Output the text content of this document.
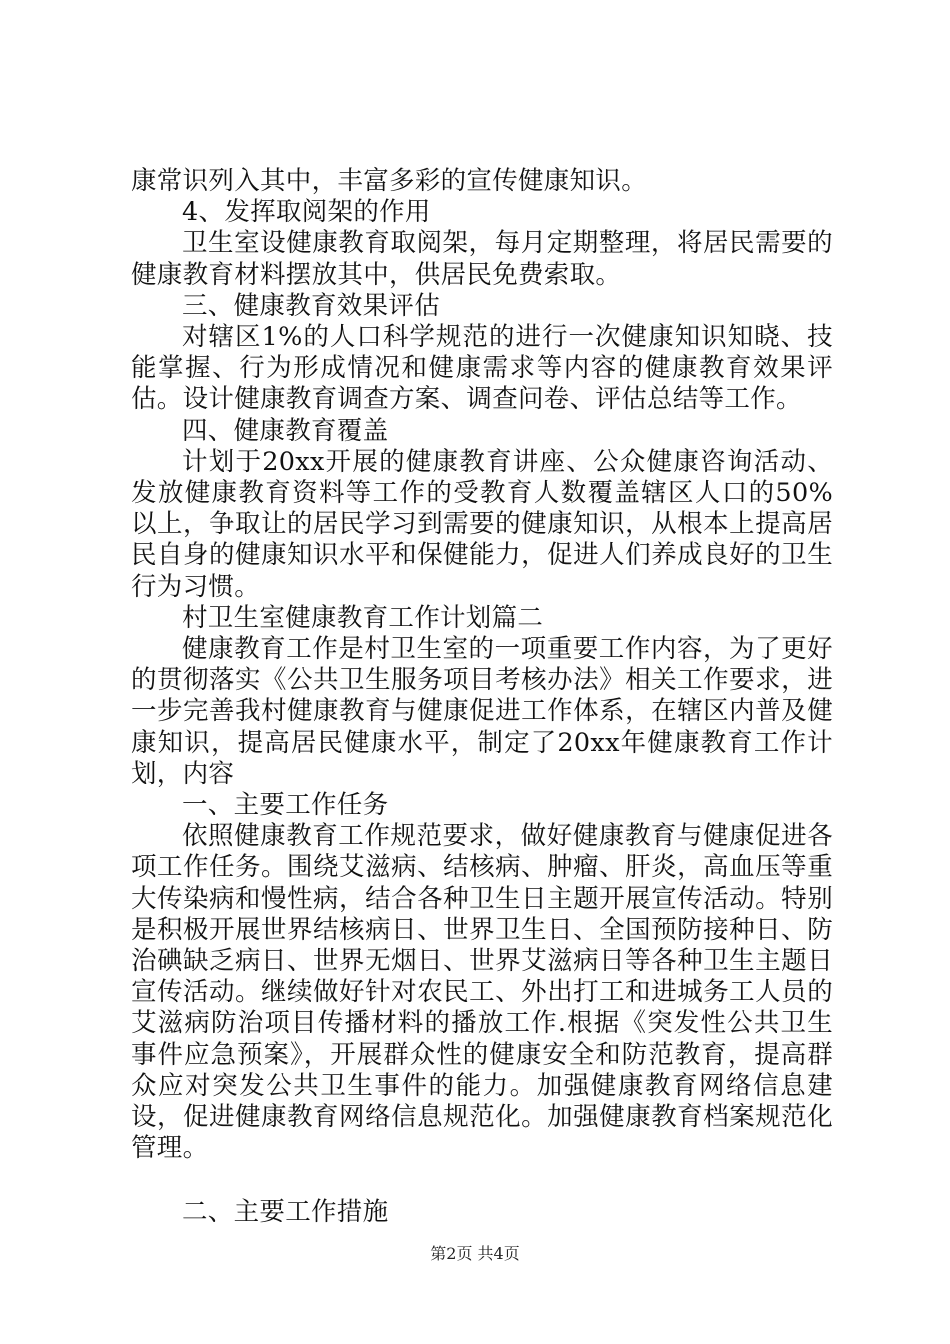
康常识列入其中，丰富多彩的宣传健康知识。

4、发挥取阅架的作用

卫生室设健康教育取阅架，每月定期整理，将居民需要的健康教育材料摆放其中，供居民免费索取。

三、健康教育效果评估

对辖区1%的人口科学规范的进行一次健康知识知晓、技能掌握、行为形成情况和健康需求等内容的健康教育效果评估。设计健康教育调查方案、调查问卷、评估总结等工作。

四、健康教育覆盖

计划于20xx开展的健康教育讲座、公众健康咨询活动、发放健康教育资料等工作的受教育人数覆盖辖区人口的50%以上，争取让的居民学习到需要的健康知识，从根本上提高居民自身的健康知识水平和保健能力，促进人们养成良好的卫生行为习惯。

村卫生室健康教育工作计划篇二

健康教育工作是村卫生室的一项重要工作内容，为了更好的贯彻落实《公共卫生服务项目考核办法》相关工作要求，进一步完善我村健康教育与健康促进工作体系，在辖区内普及健康知识，提高居民健康水平，制定了20xx年健康教育工作计划，内容

一、主要工作任务

依照健康教育工作规范要求，做好健康教育与健康促进各项工作任务。围绕艾滋病、结核病、肿瘤、肝炎，高血压等重大传染病和慢性病，结合各种卫生日主题开展宣传活动。特别是积极开展世界结核病日、世界卫生日、全国预防接种日、防治碘缺乏病日、世界无烟日、世界艾滋病日等各种卫生主题日宣传活动。继续做好针对农民工、外出打工和进城务工人员的艾滋病防治项目传播材料的播放工作.根据《突发性公共卫生事件应急预案》，开展群众性的健康安全和防范教育，提高群众应对突发公共卫生事件的能力。加强健康教育网络信息建设，促进健康教育网络信息规范化。加强健康教育档案规范化管理。

二、主要工作措施

第2页 共4页
